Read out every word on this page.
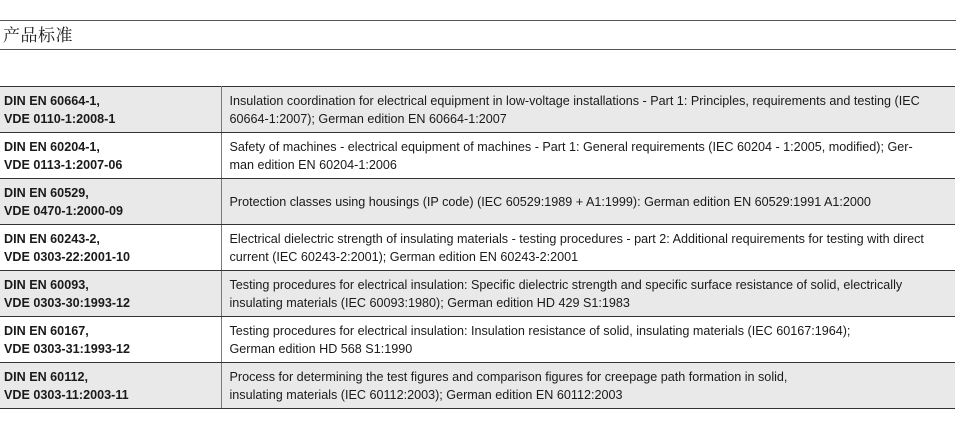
产品标准
DIN EN 60664-1,
VDE 0110-1:2008-1	Insulation coordination for electrical equipment in low-voltage installations - Part 1: Principles, requirements and testing (IEC
60664-1:2007); German edition EN 60664-1:2007

DIN EN 60204-1,
VDE 0113-1:2007-06	Safety of machines - electrical equipment of machines - Part 1: General requirements (IEC 60204 - 1:2005, modified); Ger-
man edition EN 60204-1:2006

DIN EN 60529,
VDE 0470-1:2000-09	Protection classes using housings (IP code) (IEC 60529:1989 + A1:1999): German edition EN 60529:1991 A1:2000

DIN EN 60243-2,
VDE 0303-22:2001-10	Electrical dielectric strength of insulating materials - testing procedures - part 2: Additional requirements for testing with direct
current (IEC 60243-2:2001); German edition EN 60243-2:2001

DIN EN 60093,
VDE 0303-30:1993-12	Testing procedures for electrical insulation: Specific dielectric strength and specific surface resistance of solid, electrically
insulating materials (IEC 60093:1980); German edition HD 429 S1:1983

DIN EN 60167,
VDE 0303-31:1993-12	Testing procedures for electrical insulation: Insulation resistance of solid, insulating materials (IEC 60167:1964);
German edition HD 568 S1:1990

DIN EN 60112,
VDE 0303-11:2003-11	Process for determining the test figures and comparison figures for creepage path formation in solid,
insulating materials (IEC 60112:2003); German edition EN 60112:2003
